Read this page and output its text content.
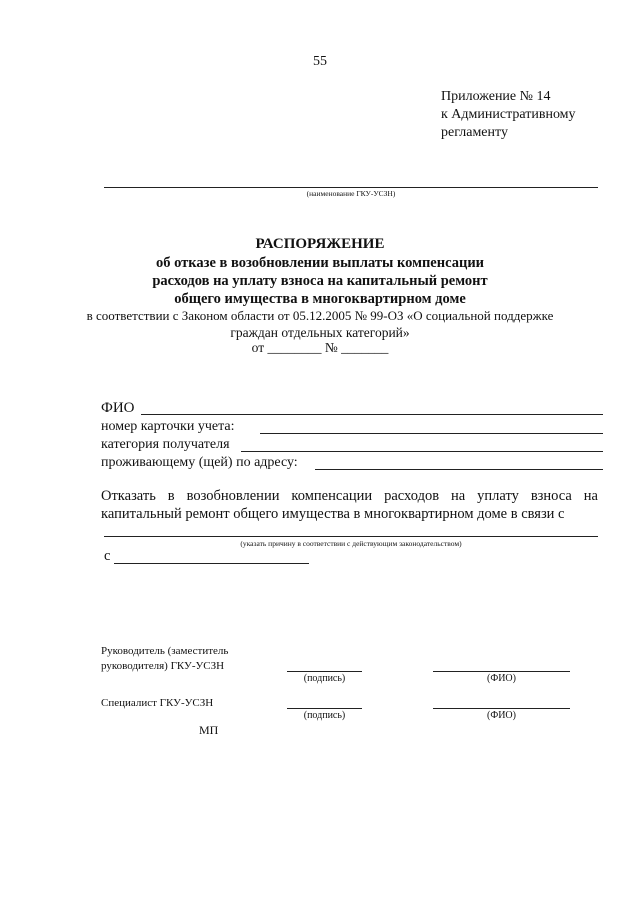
55
Приложение № 14
к Административному
регламенту
(наименование ГКУ-УСЗН)
РАСПОРЯЖЕНИЕ
об отказе в возобновлении выплаты компенсации
расходов на уплату взноса на капитальный ремонт
общего имущества в многоквартирном доме
в соответствии с Законом области от 05.12.2005 № 99-ОЗ «О социальной поддержке
граждан отдельных категорий»
от ________ № _______
ФИО
номер карточки учета:
категория получателя
проживающему (щей) по адресу:
Отказать в возобновлении компенсации расходов на уплату взноса на
капитальный ремонт общего имущества в многоквартирном доме в связи с
(указать причину в соответствии с действующим законодательством)
с
Руководитель (заместитель
руководителя) ГКУ-УСЗН
(подпись)	(ФИО)
Специалист ГКУ-УСЗН
(подпись)	(ФИО)
МП
